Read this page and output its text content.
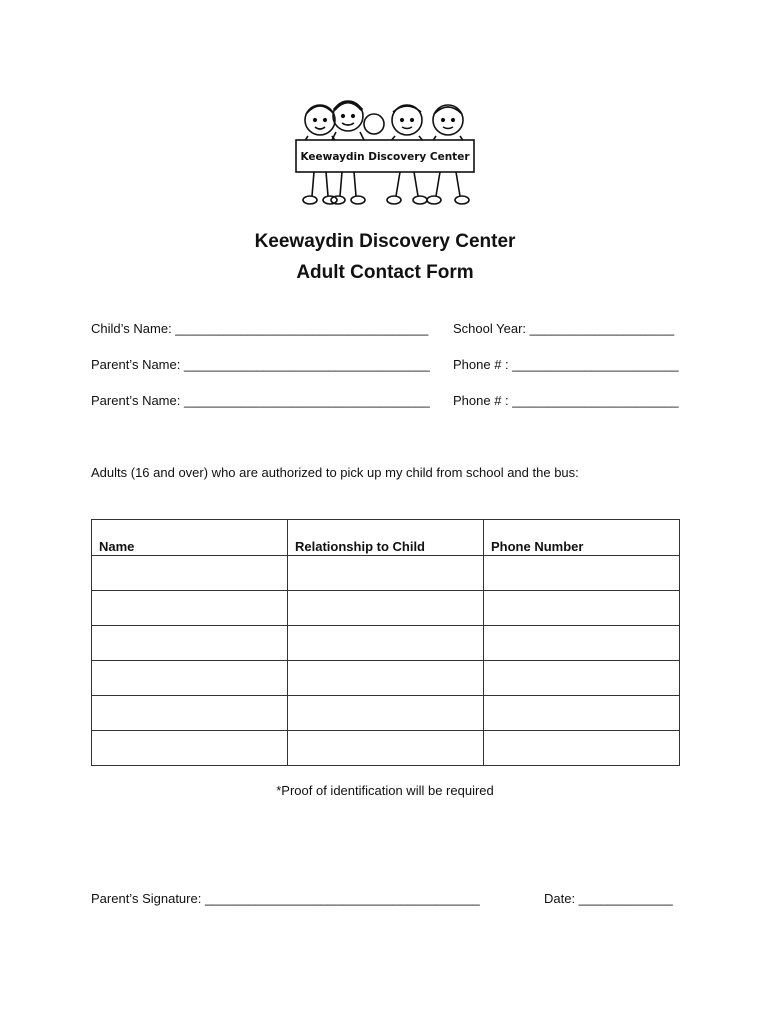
Keewaydin Discovery Center
Keewaydin Discovery Center
Adult Contact Form
Child’s Name: ___________________________________ School Year: ____________________
Parent’s Name: __________________________________ Phone # : _______________________
Parent’s Name: __________________________________ Phone # : _______________________
Adults (16 and over) who are authorized to pick up my child from school and the bus:
Name	Relationship to Child	Phone Number

*Proof of identification will be required
Parent’s Signature: ______________________________________	Date: _____________
